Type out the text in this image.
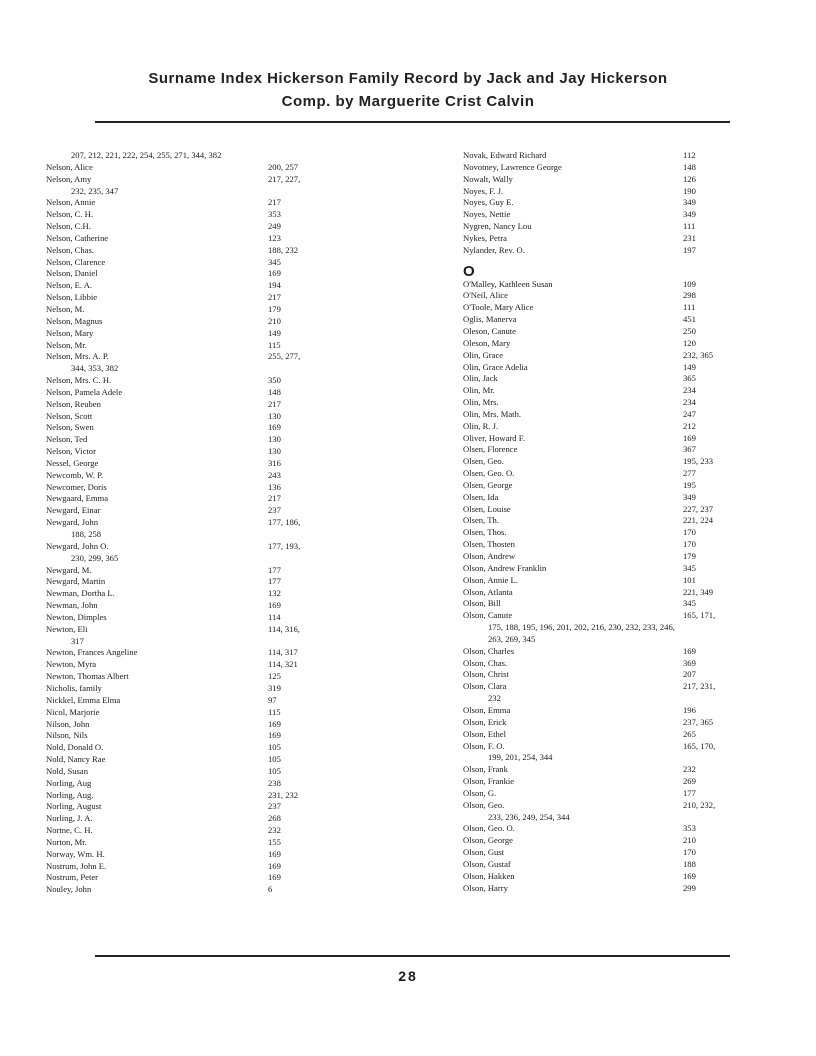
Surname Index Hickerson Family Record by Jack and Jay Hickerson
Comp. by Marguerite Crist Calvin
207, 212, 221, 222, 254, 255, 271, 344, 382
Nelson, Alice	200, 257
Nelson, Amy	217, 227,
232, 235, 347
Nelson, Annie	217
Nelson, C. H.	353
Nelson, C.H.	249
Nelson, Catherine	123
Nelson, Chas.	188, 232
Nelson, Clarence	345
Nelson, Daniel	169
Nelson, E. A.	194
Nelson, Libbie	217
Nelson, M.	179
Nelson, Magnus	210
Nelson, Mary	149
Nelson, Mr.	115
Nelson, Mrs. A. P.	255, 277,
344, 353, 382
Nelson, Mrs. C. H.	350
Nelson, Pamela Adele	148
Nelson, Reuben	217
Nelson, Scott	130
Nelson, Swen	169
Nelson, Ted	130
Nelson, Victor	130
Nessel, George	316
Newcomb, W. P.	243
Newcomer, Doris	136
Newgaard, Emma	217
Newgard, Einar	237
Newgard, John	177, 186,
188, 258
Newgard, John O.	177, 193,
230, 299, 365
Newgard, M.	177
Newgard, Martin	177
Newman, Dortha L.	132
Newman, John	169
Newton, Dimples	114
Newton, Eli	114, 316,
317
Newton, Frances Angeline	114, 317
Newton, Myra	114, 321
Newton, Thomas Albert	125
Nicholis, family	319
Nickkel, Emma Elma	97
Nicol, Marjorie	115
Nilson, John	169
Nilson, Nils	169
Nold, Donald O.	105
Nold, Nancy Rae	105
Nold, Susan	105
Norling, Aug	238
Norling, Aug.	231, 232
Norling, August	237
Norling, J. A.	268
Nortne, C. H.	232
Norton, Mr.	155
Norway, Wm. H.	169
Nostrum, John E.	169
Nostrum, Peter	169
Nouley, John	6
Novak, Edward Richard	112
Novotney, Lawrence George	148
Nowalt, Wally	126
Noyes, F. J.	190
Noyes, Guy E.	349
Noyes, Nettie	349
Nygren, Nancy Lou	111
Nykes, Petra	231
Nylander, Rev. O.	197
O
O'Malley, Kathleen Susan	109
O'Neil, Alice	298
O'Toole, Mary Alice	111
Oglis, Manerva	451
Oleson, Canute	250
Oleson, Mary	120
Olin, Grace	232, 365
Olin, Grace Adelia	149
Olin, Jack	365
Olin, Mr.	234
Olin, Mrs.	234
Olin, Mrs. Math.	247
Olin, R. J.	212
Oliver, Howard F.	169
Olsen, Florence	367
Olsen, Geo.	195, 233
Olsen, Geo. O.	277
Olsen, George	195
Olsen, Ida	349
Olsen, Louise	227, 237
Olsen, Th.	221, 224
Olsen, Thos.	170
Olsen, Thosten	170
Olson, Andrew	179
Olson, Andrew Franklin	345
Olson, Annie L.	101
Olson, Atlanta	221, 349
Olson, Bill	345
Olson, Canute	165, 171,
175, 188, 195, 196, 201, 202, 216, 230, 232, 233, 246,
263, 269, 345
Olson, Charles	169
Olson, Chas.	369
Olson, Christ	207
Olson, Clara	217, 231,
232
Olson, Emma	196
Olson, Erick	237, 365
Olson, Ethel	265
Olson, F. O.	165, 170,
199, 201, 254, 344
Olson, Frank	232
Olson, Frankie	269
Olson, G.	177
Olson, Geo.	210, 232,
233, 236, 249, 254, 344
Olson, Geo. O.	353
Olson, George	210
Olson, Gust	170
Olson, Gustaf	188
Olson, Hakken	169
Olson, Harry	299
28
